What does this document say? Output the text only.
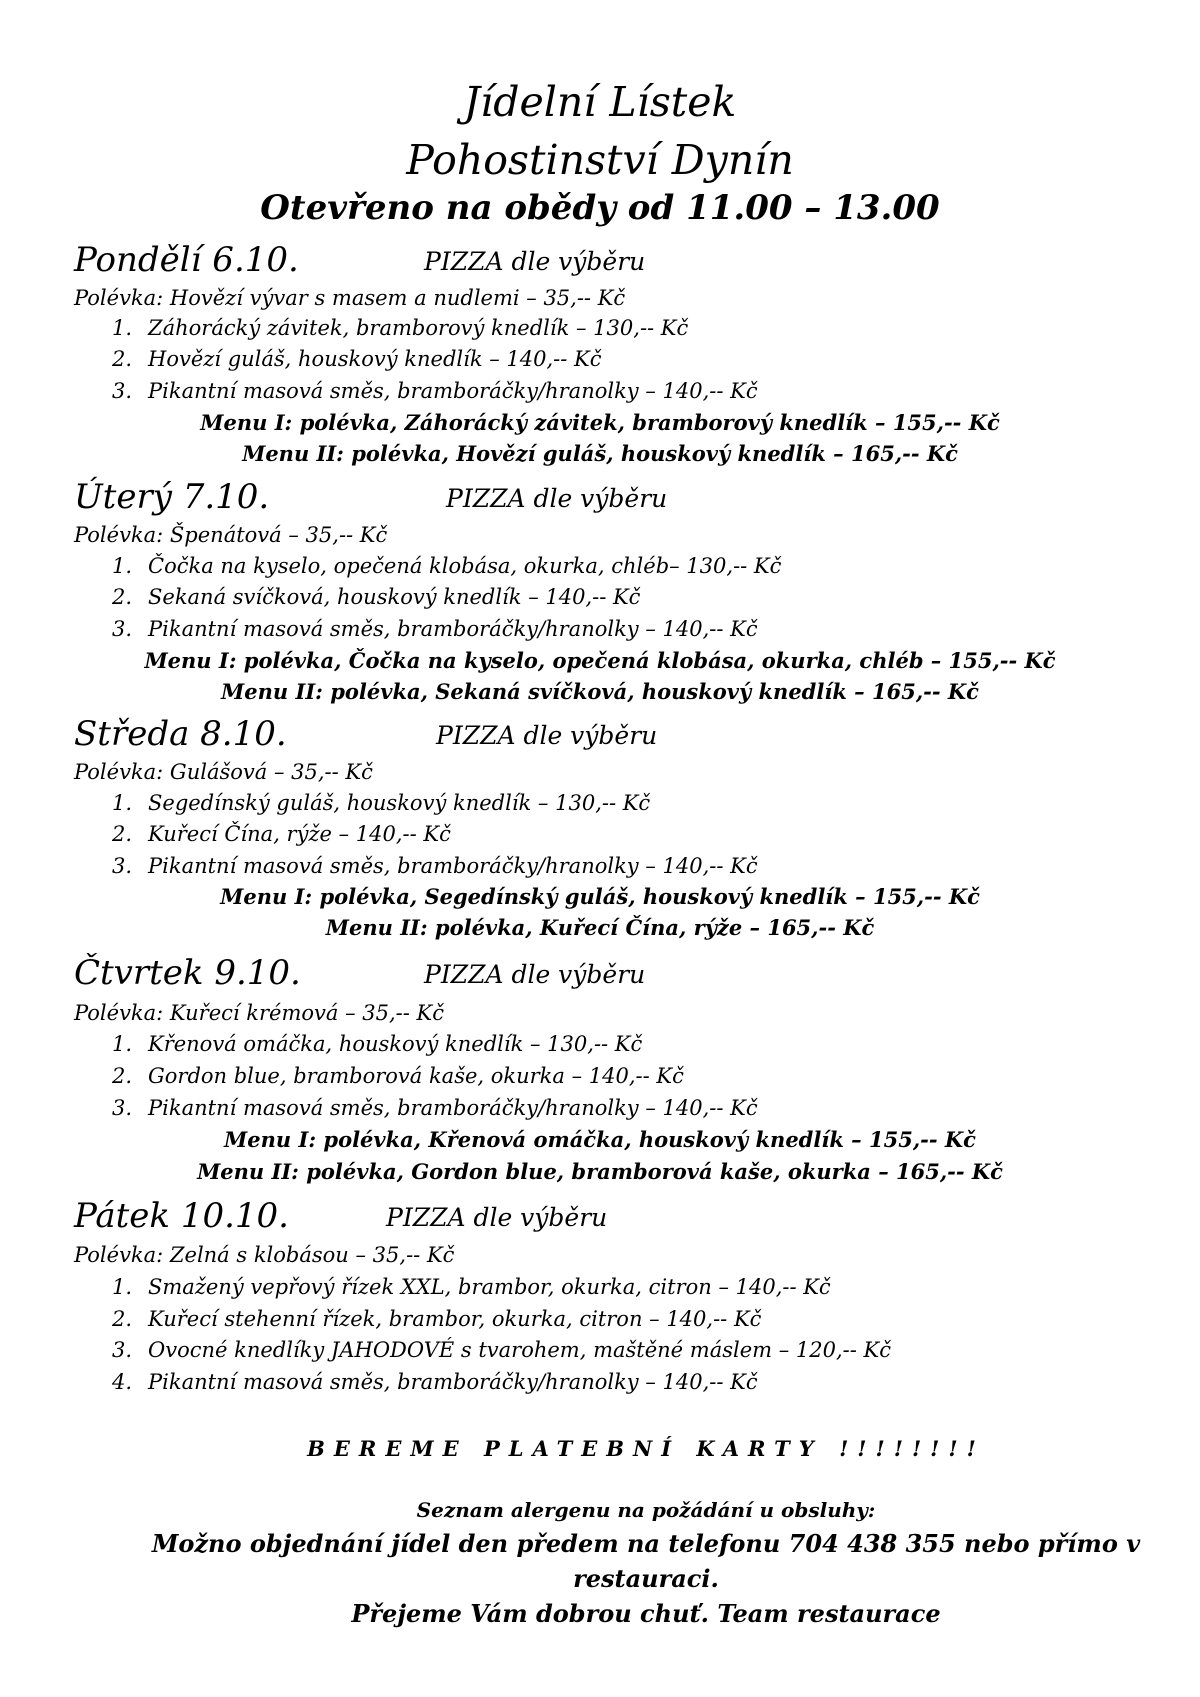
Jídelní Lístek
Pohostinství Dynín
Otevřeno na obědy od 11.00 – 13.00
Pondělí 6.10.	PIZZA dle výběru
Polévka: Hovězí vývar s masem a nudlemi – 35,-- Kč
1. Záhorácký závitek, bramborový knedlík – 130,-- Kč
2. Hovězí guláš, houskový knedlík – 140,-- Kč
3. Pikantní masová směs, bramboráčky/hranolky – 140,-- Kč
Menu I: polévka, Záhorácký závitek, bramborový knedlík – 155,-- Kč
Menu II: polévka, Hovězí guláš, houskový knedlík – 165,-- Kč
Úterý 7.10.	PIZZA dle výběru
Polévka: Špenátová – 35,-- Kč
1. Čočka na kyselo, opečená klobása, okurka, chléb– 130,-- Kč
2. Sekaná svíčková, houskový knedlík – 140,-- Kč
3. Pikantní masová směs, bramboráčky/hranolky – 140,-- Kč
Menu I: polévka, Čočka na kyselo, opečená klobása, okurka, chléb – 155,-- Kč
Menu II: polévka, Sekaná svíčková, houskový knedlík – 165,-- Kč
Středa 8.10.	PIZZA dle výběru
Polévka: Gulášová – 35,-- Kč
1. Segedínský guláš, houskový knedlík – 130,-- Kč
2. Kuřecí Čína, rýže – 140,-- Kč
3. Pikantní masová směs, bramboráčky/hranolky – 140,-- Kč
Menu I: polévka, Segedínský guláš, houskový knedlík – 155,-- Kč
Menu II: polévka, Kuřecí Čína, rýže – 165,-- Kč
Čtvrtek 9.10.	PIZZA dle výběru
Polévka: Kuřecí krémová – 35,-- Kč
1. Křenová omáčka, houskový knedlík – 130,-- Kč
2. Gordon blue, bramborová kaše, okurka – 140,-- Kč
3. Pikantní masová směs, bramboráčky/hranolky – 140,-- Kč
Menu I: polévka, Křenová omáčka, houskový knedlík – 155,-- Kč
Menu II: polévka, Gordon blue, bramborová kaše, okurka – 165,-- Kč
Pátek 10.10.	PIZZA dle výběru
Polévka: Zelná s klobásou – 35,-- Kč
1. Smažený vepřový řízek XXL, brambor, okurka, citron – 140,-- Kč
2. Kuřecí stehenní řízek, brambor, okurka, citron – 140,-- Kč
3. Ovocné knedlíky JAHODOVÉ s tvarohem, maštěné máslem – 120,-- Kč
4. Pikantní masová směs, bramboráčky/hranolky – 140,-- Kč
BEREME PLATEBNÍ KARTY !!!!!!!!
Seznam alergenu na požádání u obsluhy:
Možno objednání jídel den předem na telefonu 704 438 355 nebo přímo v
restauraci.
Přejeme Vám dobrou chuť. Team restaurace
